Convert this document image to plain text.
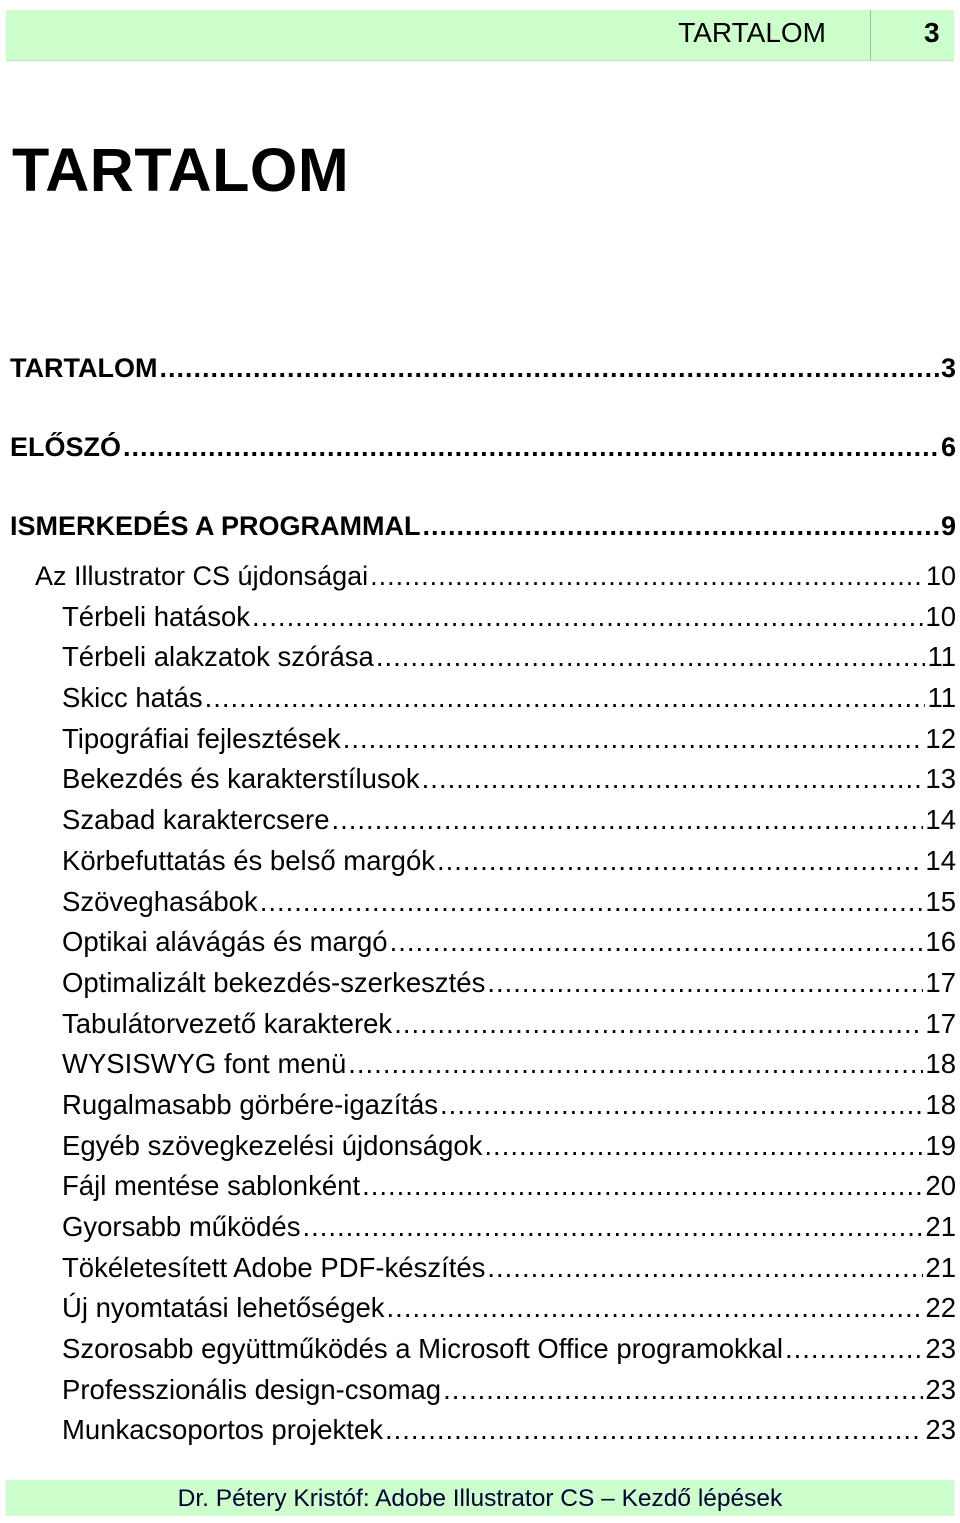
TARTALOM	3
TARTALOM
TARTALOM .....	3
ELŐSZÓ .....	6
ISMERKEDÉS A PROGRAMMAL .....	9
Az Illustrator CS újdonságai .....	10
Térbeli hatások .....	10
Térbeli alakzatok szórása .....	11
Skicc hatás .....	11
Tipográfiai fejlesztések .....	12
Bekezdés és karakterstílusok .....	13
Szabad karaktercsere .....	14
Körbefuttatás és belső margók .....	14
Szöveghasábok .....	15
Optikai alávágás és margó .....	16
Optimalizált bekezdés-szerkesztés .....	17
Tabulátorvezető karakterek .....	17
WYSISWYG font menü .....	18
Rugalmasabb görbére-igazítás .....	18
Egyéb szövegkezelési újdonságok .....	19
Fájl mentése sablonként .....	20
Gyorsabb működés .....	21
Tökéletesített Adobe PDF-készítés .....	21
Új nyomtatási lehetőségek .....	22
Szorosabb együttműködés a Microsoft Office programokkal .....	23
Professzionális design-csomag .....	23
Munkacsoportos projektek .....	23
Dr. Pétery Kristóf: Adobe Illustrator CS – Kezdő lépések
